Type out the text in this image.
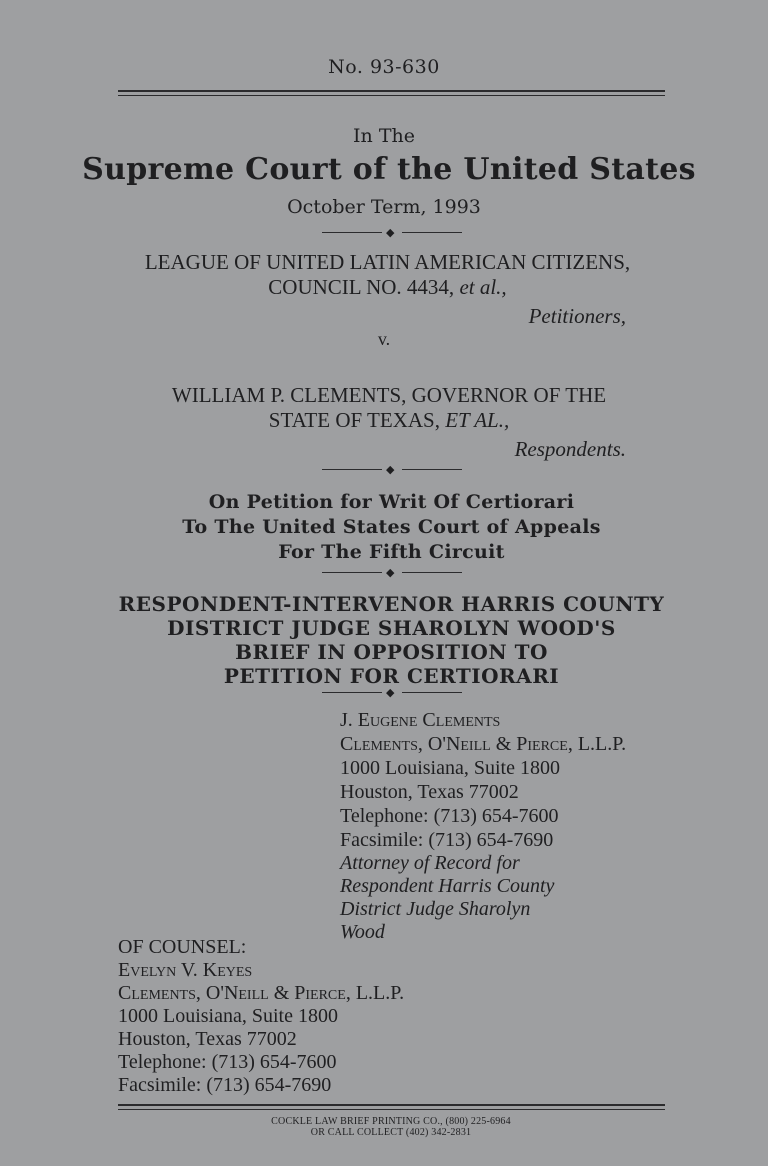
No. 93-630
In The
Supreme Court of the United States
October Term, 1993
◆
LEAGUE OF UNITED LATIN AMERICAN CITIZENS,
COUNCIL NO. 4434, et al.,
Petitioners,
v.
WILLIAM P. CLEMENTS, GOVERNOR OF THE
STATE OF TEXAS, ET AL.,
Respondents.
◆
On Petition for Writ Of Certiorari
To The United States Court of Appeals
For The Fifth Circuit
◆
RESPONDENT-INTERVENOR HARRIS COUNTY
DISTRICT JUDGE SHAROLYN WOOD'S
BRIEF IN OPPOSITION TO
PETITION FOR CERTIORARI
◆
J. Eugene Clements
Clements, O'Neill & Pierce, L.L.P.
1000 Louisiana, Suite 1800
Houston, Texas 77002
Telephone: (713) 654-7600
Facsimile: (713) 654-7690
Attorney of Record for
Respondent Harris County
District Judge Sharolyn
Wood
OF COUNSEL:
Evelyn V. Keyes
Clements, O'Neill & Pierce, L.L.P.
1000 Louisiana, Suite 1800
Houston, Texas 77002
Telephone: (713) 654-7600
Facsimile: (713) 654-7690
COCKLE LAW BRIEF PRINTING CO., (800) 225-6964
OR CALL COLLECT (402) 342-2831
